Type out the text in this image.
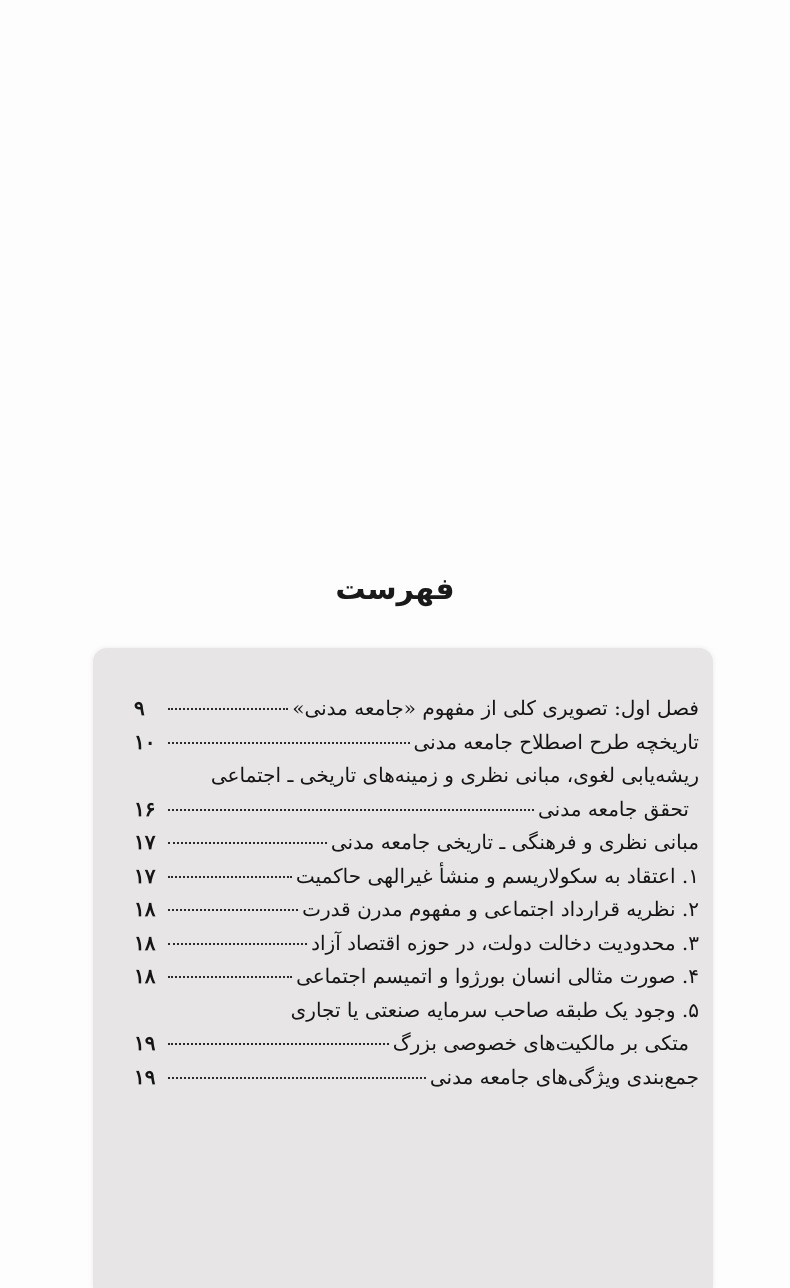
فهرست
فصل اول: تصویری کلی از مفهوم «جامعه مدنی»
۹
تاریخچه طرح اصطلاح جامعه مدنی
۱۰
ریشه‌یابی لغوی، مبانی نظری و زمینه‌های تاریخی ـ اجتماعی
تحقق جامعه مدنی
۱۶
مبانی نظری و فرهنگی ـ تاریخی جامعه مدنی
۱۷
۱. اعتقاد به سکولاریسم و منشأ غیرالهی حاکمیت
۱۷
۲. نظریه قرارداد اجتماعی و مفهوم مدرن قدرت
۱۸
۳. محدودیت دخالت دولت، در حوزه اقتصاد آزاد
۱۸
۴. صورت مثالی انسان بورژوا و اتمیسم اجتماعی
۱۸
۵. وجود یک طبقه صاحب سرمایه صنعتی یا تجاری
متکی بر مالکیت‌های خصوصی بزرگ
۱۹
جمع‌بندی ویژگی‌های جامعه مدنی
۱۹
